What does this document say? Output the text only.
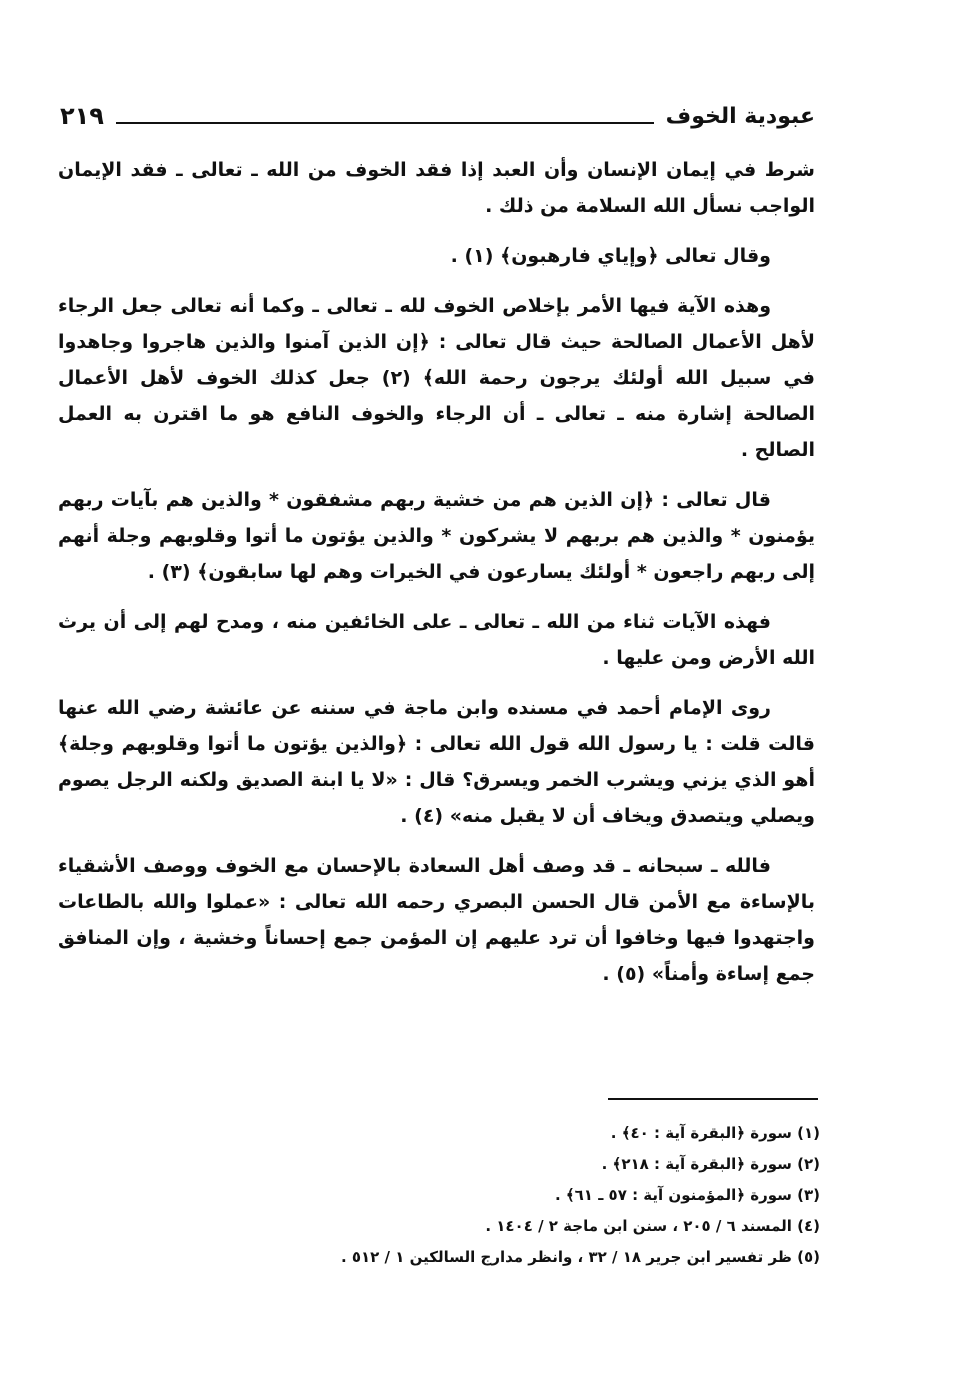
عبودية الخوف
٢١٩

شرط في إيمان الإنسان وأن العبد إذا فقد الخوف من الله ـ تعالى ـ فقد الإيمان الواجب نسأل الله السلامة من ذلك .

وقال تعالى ﴿وإياي فارهبون﴾ (١) .

وهذه الآية فيها الأمر بإخلاص الخوف لله ـ تعالى ـ وكما أنه تعالى جعل الرجاء لأهل الأعمال الصالحة حيث قال تعالى : ﴿إن الذين آمنوا والذين هاجروا وجاهدوا في سبيل الله أولئك يرجون رحمة الله﴾ (٢) جعل كذلك الخوف لأهل الأعمال الصالحة إشارة منه ـ تعالى ـ أن الرجاء والخوف النافع هو ما اقترن به العمل الصالح .

قال تعالى : ﴿إن الذين هم من خشية ربهم مشفقون * والذين هم بآيات ربهم يؤمنون * والذين هم بربهم لا يشركون * والذين يؤتون ما أتوا وقلوبهم وجلة أنهم إلى ربهم راجعون * أولئك يسارعون في الخيرات وهم لها سابقون﴾ (٣) .

فهذه الآيات ثناء من الله ـ تعالى ـ على الخائفين منه ، ومدح لهم إلى أن يرث الله الأرض ومن عليها .

روى الإمام أحمد في مسنده وابن ماجة في سننه عن عائشة رضي الله عنها قالت قلت : يا رسول الله قول الله تعالى : ﴿والذين يؤتون ما أتوا وقلوبهم وجلة﴾ أهو الذي يزني ويشرب الخمر ويسرق؟ قال : «لا يا ابنة الصديق ولكنه الرجل يصوم ويصلي ويتصدق ويخاف أن لا يقبل منه» (٤) .

فالله ـ سبحانه ـ قد وصف أهل السعادة بالإحسان مع الخوف ووصف الأشقياء بالإساءة مع الأمن قال الحسن البصري رحمه الله تعالى : «عملوا والله بالطاعات واجتهدوا فيها وخافوا أن ترد عليهم إن المؤمن جمع إحساناً وخشية ، وإن المنافق جمع إساءة وأمناً» (٥) .

(١) سورة ﴿البقرة آية : ٤٠﴾ .

(٢) سورة ﴿البقرة آية : ٢١٨﴾ .

(٣) سورة ﴿المؤمنون آية : ٥٧ ـ ٦١﴾ .

(٤) المسند ٦ / ٢٠٥ ، سنن ابن ماجة ٢ / ١٤٠٤ .

(٥) ظر تفسير ابن جرير ١٨ / ٣٢ ، وانظر مدارج السالكين ١ / ٥١٢ .
